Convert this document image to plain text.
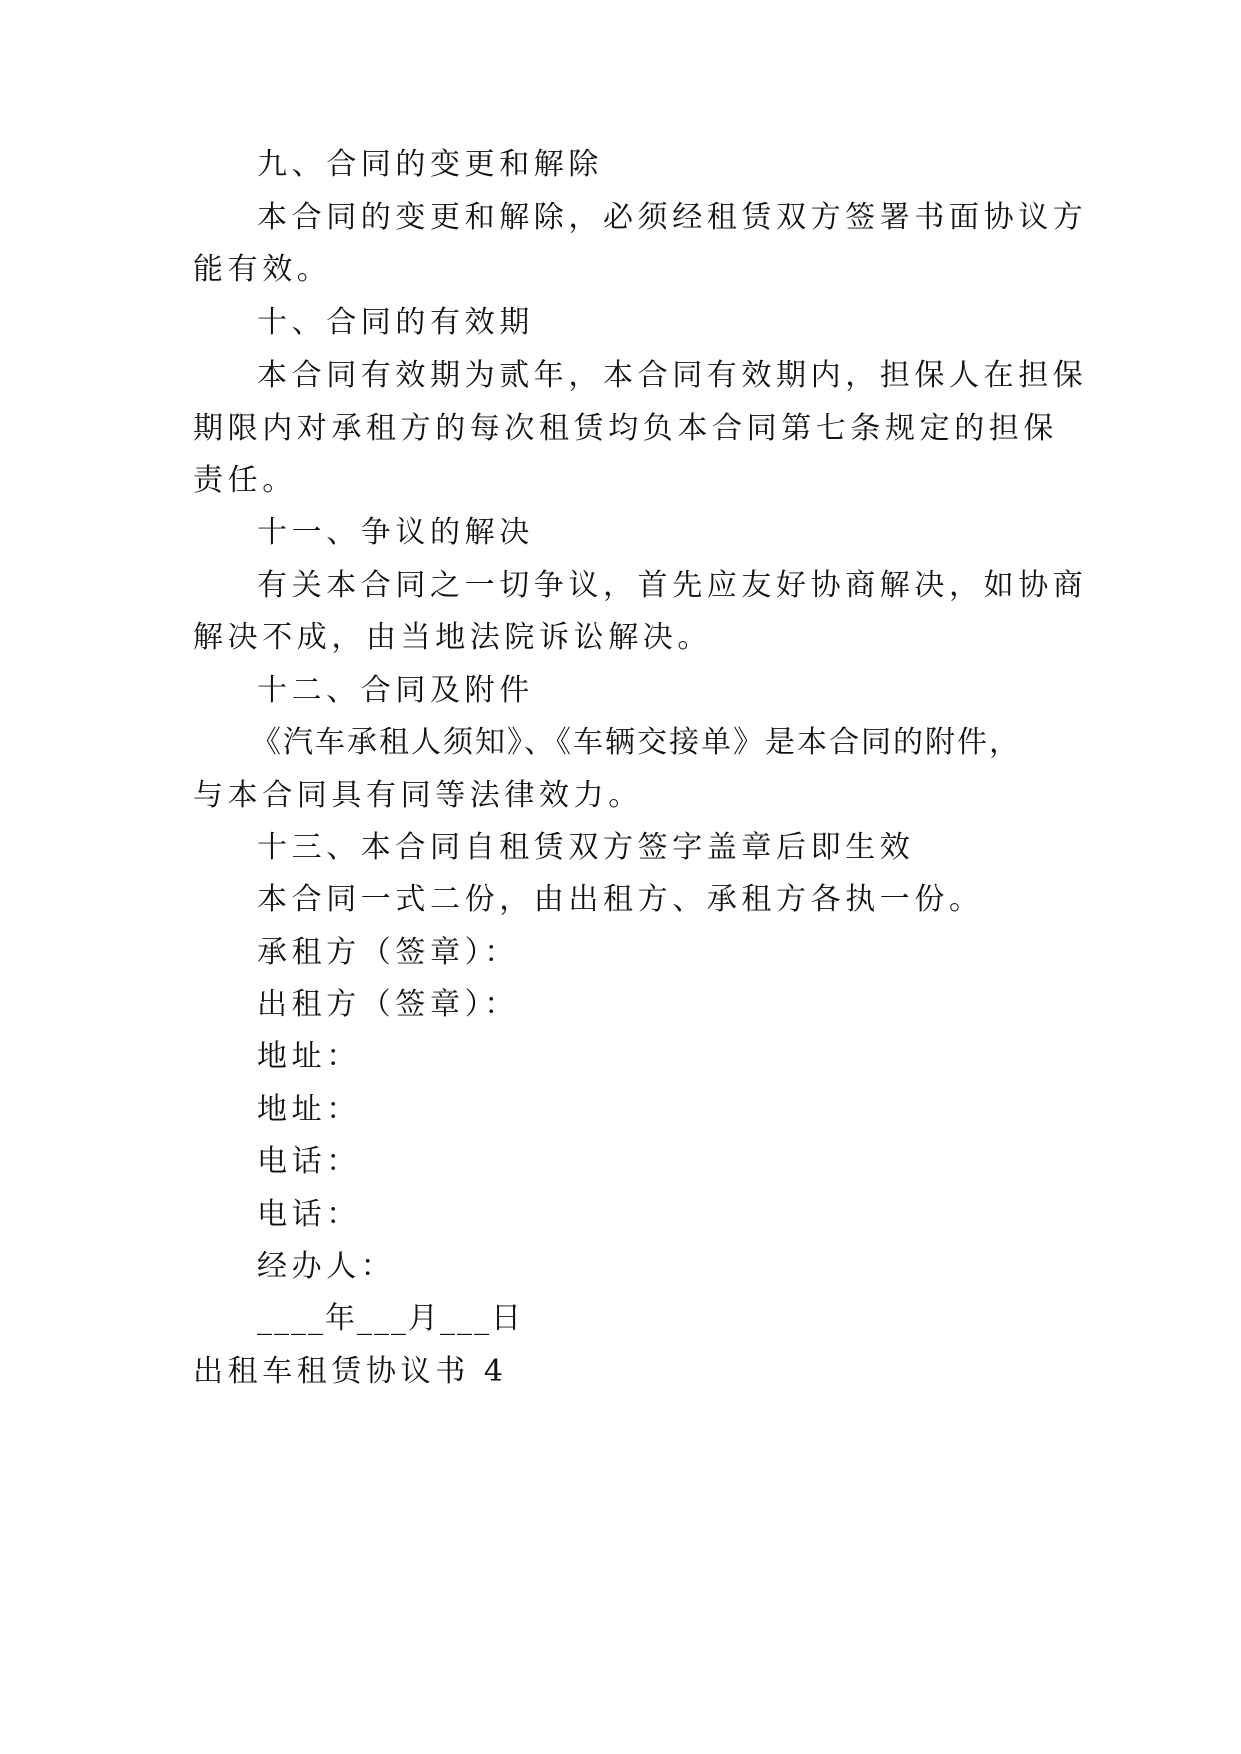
九、合同的变更和解除
本合同的变更和解除，必须经租赁双方签署书面协议方
能有效。
十、合同的有效期
本合同有效期为贰年，本合同有效期内，担保人在担保
期限内对承租方的每次租赁均负本合同第七条规定的担保
责任。
十一、争议的解决
有关本合同之一切争议，首先应友好协商解决，如协商
解决不成，由当地法院诉讼解决。
十二、合同及附件
《汽车承租人须知》、《车辆交接单》是本合同的附件，
与本合同具有同等法律效力。
十三、本合同自租赁双方签字盖章后即生效
本合同一式二份，由出租方、承租方各执一份。
承租方（签章）：
出租方（签章）：
地址：
地址：
电话：
电话：
经办人：
____年___月___日
出租车租赁协议书 4
